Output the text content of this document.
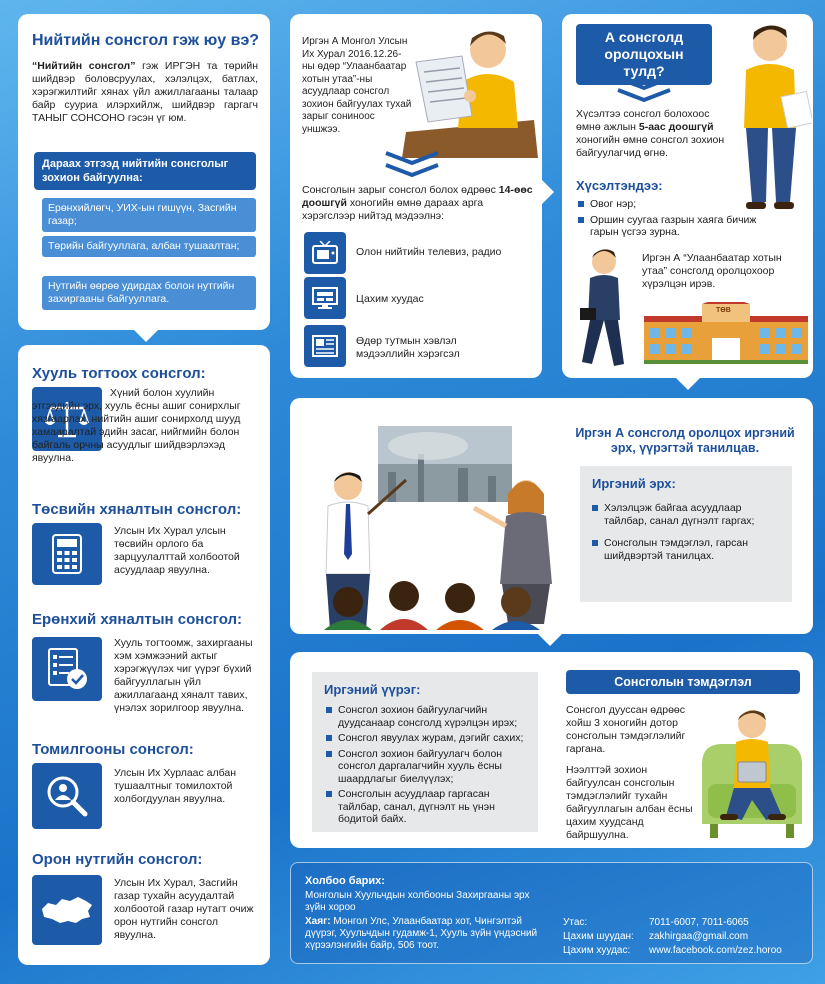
Нийтийн сонсгол гэж юу вэ?
“Нийтийн сонсгол” гэж ИРГЭН та төрийн шийдвэр боловсруулах, хэлэлцэх, батлах, хэрэгжилтийг хянах үйл ажиллагааны талаар байр сууриа илэрхийлж, шийдвэр гаргагч ТАНЫГ СОНСОНО гэсэн үг юм.
Дараах этгээд нийтийн сонсголыг зохион байгуулна:
Ерөнхийлөгч, УИХ-ын гишүүн, Засгийн газар;
Төрийн байгууллага, албан тушаалтан;
Нутгийн өөрөө удирдах болон нутгийн захиргааны байгууллага.
Хууль тогтоох сонсгол:
Хүний болон хуулийн этгээдийн эрх, хууль ёсны ашиг сонирхлыг хязгаарлах, нийтийн ашиг сонирхолд шууд хамааралтай эдийн засаг, нийгмийн болон байгаль орчны асуудлыг шийдвэрлэхэд явуулна.
Төсвийн хяналтын сонсгол:
Улсын Их Хурал улсын төсвийн орлого ба зарцуулалттай холбоотой асуудлаар явуулна.
Ерөнхий хяналтын сонсгол:
Хууль тогтоомж, захиргааны хэм хэмжээний актыг хэрэгжүүлэх чиг үүрэг бүхий байгууллагын үйл ажиллагаанд хяналт тавих, үнэлэх зорилгоор явуулна.
Томилгооны сонсгол:
Улсын Их Хурлаас албан тушаалтныг томилохтой холбогдуулан явуулна.
Орон нутгийн сонсгол:
Улсын Их Хурал, Засгийн газар тухайн асуудалтай холбоотой газар нутагт очиж орон нутгийн сонсгол явуулна.
Иргэн А Монгол Улсын Их Хурал 2016.12.26-ны өдөр “Улаанбаатар хотын утаа”-ны асуудлаар сонсгол зохион байгуулах тухай зарыг сониноос уншжээ.
Сонсголын зарыг сонсгол болох өдрөөс 14-өөс доошгүй хоногийн өмнө дараах арга хэрэгслээр нийтэд мэдээлнэ:
Олон нийтийн телевиз, радио
Цахим хуудас
Өдөр тутмын хэвлэл мэдээллийн хэрэгсэл
А сонсголд оролцохын тулд?
Хүсэлтээ сонсгол болохоос өмнө ажлын 5-аас доошгүй хоногийн өмнө сонсгол зохион байгуулагчид өгнө.
Хүсэлтэндээ:
Овог нэр;
Оршин суугаа газрын хаяга бичиж гарын үсгээ зурна.
Иргэн А “Улаанбаатар хотын утаа” сонсголд оролцохоор хүрэлцэн ирэв.
ТӨВ
Иргэн А сонсголд оролцох иргэний эрх, үүрэгтэй танилцав.
Иргэний эрх:
Хэлэлцэж байгаа асуудлаар тайлбар, санал дүгнэлт гаргах;
Сонсголын тэмдэглэл, гарсан шийдвэртэй танилцах.
Иргэний үүрэг:
Сонсгол зохион байгуулагчийн дуудсанаар сонсголд хүрэлцэн ирэх;
Сонсгол явуулах журам, дэгийг сахих;
Сонсгол зохион байгуулагч болон сонсгол даргалагчийн хууль ёсны шаардлагыг биелүүлэх;
Сонсголын асуудлаар гаргасан тайлбар, санал, дүгнэлт нь үнэн бодитой байх.
Сонсголын тэмдэглэл
Сонсгол дууссан өдрөөс хойш 3 хоногийн дотор сонсголын тэмдэглэлийг гаргана.
Нээлттэй зохион байгуулсан сонсголын тэмдэглэлийг тухайн байгууллагын албан ёсны цахим хуудсанд байршуулна.
Холбоо барих:
Монголын Хуульчдын холбооны Захиргааны эрх зүйн хороо
Хаяг: Монгол Улс, Улаанбаатар хот, Чингэлтэй дүүрэг, Хуульчдын гудамж-1, Хууль зүйн үндэсний хүрээлэнгийн байр, 506 тоот.
Утас:	7011-6007, 7011-6065
Цахим шуудан: zakhirgaa@gmail.com
Цахим хуудас: www.facebook.com/zez.horoo
